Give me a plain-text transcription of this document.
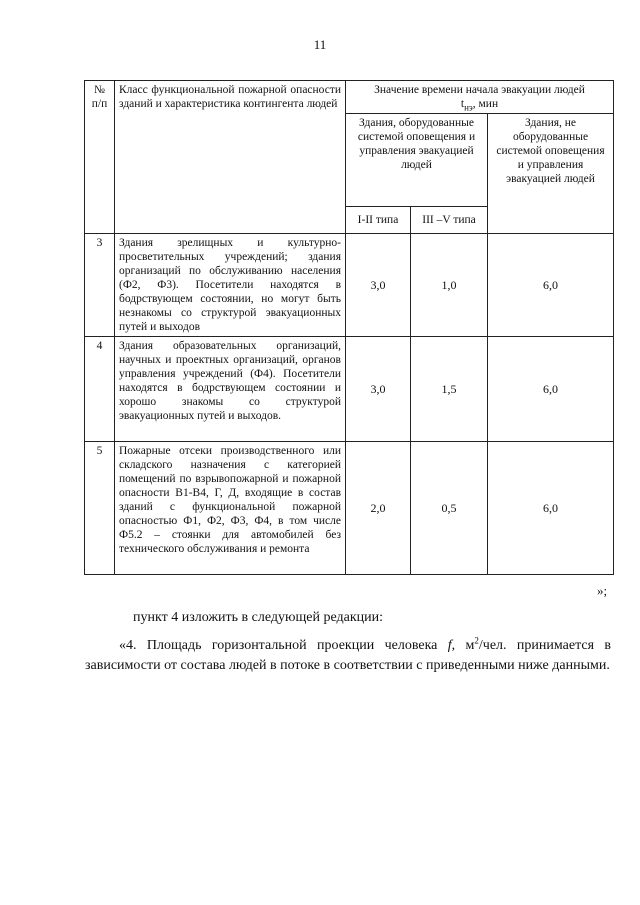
11
№ п/п	Класс функциональной пожарной опасности зданий и характеристика контингента людей	Значение времени начала эвакуации людей
$t_{нэ}$, мин		
		Здания, оборудованные системой оповещения и управления эвакуацией людей		Здания, не оборудованные системой оповещения и управления эвакуацией людей
		I-II типа	III –V типа	
3	Здания зрелищных и культурно-просветительных учреждений; здания организаций по обслуживанию населения (Ф2, Ф3). Посетители находятся в бодрствующем состоянии, но могут быть незнакомы со структурой эвакуационных путей и выходов	3,0	1,0	6,0
4	Здания образовательных организаций, научных и проектных организаций, органов управления учреждений (Ф4). Посетители находятся в бодрствующем состоянии и хорошо знакомы со структурой эвакуационных путей и выходов.	3,0	1,5	6,0
5	Пожарные отсеки производственного или складского назначения с категорией помещений по взрывопожарной и пожарной опасности В1-В4, Г, Д, входящие в состав зданий с функциональной пожарной опасностью Ф1, Ф2, Ф3, Ф4, в том числе Ф5.2 – стоянки для автомобилей без технического обслуживания и ремонта	2,0	0,5	6,0
»;
пункт 4 изложить в следующей редакции:
«4. Площадь горизонтальной проекции человека f, $м^2$/чел. принимается в зависимости от состава людей в потоке в соответствии с приведенными ниже данными.
